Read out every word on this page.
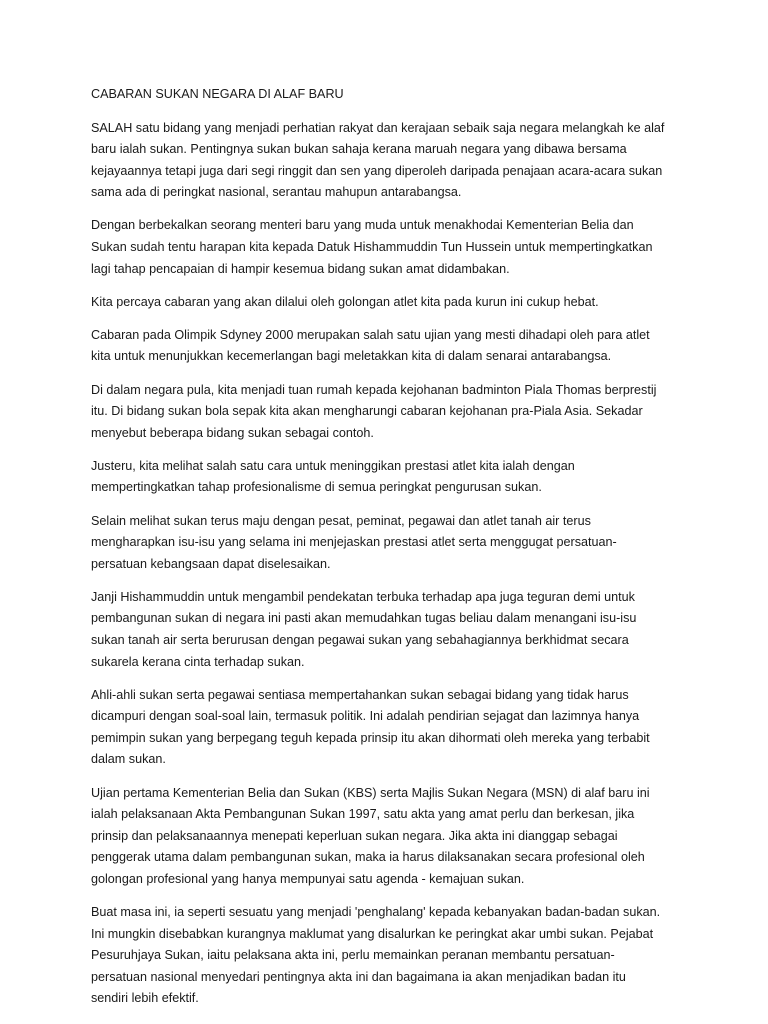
CABARAN SUKAN NEGARA DI ALAF BARU
SALAH satu bidang yang menjadi perhatian rakyat dan kerajaan sebaik saja negara melangkah ke alaf
baru ialah sukan. Pentingnya sukan bukan sahaja kerana maruah negara yang dibawa bersama
kejayaannya tetapi juga dari segi ringgit dan sen yang diperoleh daripada penajaan acara-acara sukan
sama ada di peringkat nasional, serantau mahupun antarabangsa.
Dengan berbekalkan seorang menteri baru yang muda untuk menakhodai Kementerian Belia dan
Sukan sudah tentu harapan kita kepada Datuk Hishammuddin Tun Hussein untuk mempertingkatkan
lagi tahap pencapaian di hampir kesemua bidang sukan amat didambakan.
Kita percaya cabaran yang akan dilalui oleh golongan atlet kita pada kurun ini cukup hebat.
Cabaran pada Olimpik Sdyney 2000 merupakan salah satu ujian yang mesti dihadapi oleh para atlet
kita untuk menunjukkan kecemerlangan bagi meletakkan kita di dalam senarai antarabangsa.
Di dalam negara pula, kita menjadi tuan rumah kepada kejohanan badminton Piala Thomas berprestij
itu. Di bidang sukan bola sepak kita akan mengharungi cabaran kejohanan pra-Piala Asia. Sekadar
menyebut beberapa bidang sukan sebagai contoh.
Justeru, kita melihat salah satu cara untuk meninggikan prestasi atlet kita ialah dengan
mempertingkatkan tahap profesionalisme di semua peringkat pengurusan sukan.
Selain melihat sukan terus maju dengan pesat, peminat, pegawai dan atlet tanah air terus
mengharapkan isu-isu yang selama ini menjejaskan prestasi atlet serta menggugat persatuan-
persatuan kebangsaan dapat diselesaikan.
Janji Hishammuddin untuk mengambil pendekatan terbuka terhadap apa juga teguran demi untuk
pembangunan sukan di negara ini pasti akan memudahkan tugas beliau dalam menangani isu-isu
sukan tanah air serta berurusan dengan pegawai sukan yang sebahagiannya berkhidmat secara
sukarela kerana cinta terhadap sukan.
Ahli-ahli sukan serta pegawai sentiasa mempertahankan sukan sebagai bidang yang tidak harus
dicampuri dengan soal-soal lain, termasuk politik. Ini adalah pendirian sejagat dan lazimnya hanya
pemimpin sukan yang berpegang teguh kepada prinsip itu akan dihormati oleh mereka yang terbabit
dalam sukan.
Ujian pertama Kementerian Belia dan Sukan (KBS) serta Majlis Sukan Negara (MSN) di alaf baru ini
ialah pelaksanaan Akta Pembangunan Sukan 1997, satu akta yang amat perlu dan berkesan, jika
prinsip dan pelaksanaannya menepati keperluan sukan negara. Jika akta ini dianggap sebagai
penggerak utama dalam pembangunan sukan, maka ia harus dilaksanakan secara profesional oleh
golongan profesional yang hanya mempunyai satu agenda - kemajuan sukan.
Buat masa ini, ia seperti sesuatu yang menjadi 'penghalang' kepada kebanyakan badan-badan sukan.
Ini mungkin disebabkan kurangnya maklumat yang disalurkan ke peringkat akar umbi sukan. Pejabat
Pesuruhjaya Sukan, iaitu pelaksana akta ini, perlu memainkan peranan membantu persatuan-
persatuan nasional menyedari pentingnya akta ini dan bagaimana ia akan menjadikan badan itu
sendiri lebih efektif.
